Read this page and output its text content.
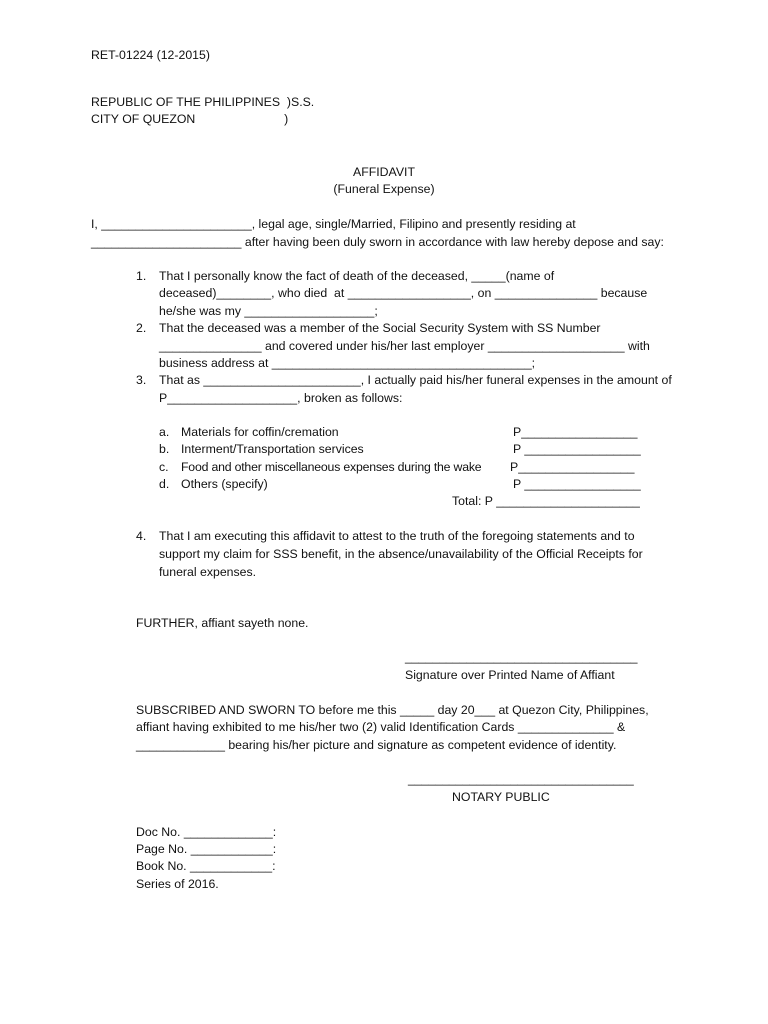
RET-01224 (12-2015)
REPUBLIC OF THE PHILIPPINES  )S.S.
CITY OF QUEZON                          )
AFFIDAVIT
(Funeral Expense)
I, ______________________, legal age, single/Married, Filipino and presently residing at
______________________ after having been duly sworn in accordance with law hereby depose and say:
1. That I personally know the fact of death of the deceased, _____(name of
deceased)________, who died  at __________________, on _______________ because
he/she was my ___________________;
2. That the deceased was a member of the Social Security System with SS Number
_______________ and covered under his/her last employer ____________________ with
business address at ______________________________________;
3. That as _______________________, I actually paid his/her funeral expenses in the amount of
P___________________, broken as follows:
a. Materials for coffin/cremation	P_________________
b. Interment/Transportation services	P _________________
c. Food and other miscellaneous expenses during the wake P_________________
d. Others (specify)	P _________________
Total: P _____________________
4. That I am executing this affidavit to attest to the truth of the foregoing statements and to
support my claim for SSS benefit, in the absence/unavailability of the Official Receipts for
funeral expenses.
FURTHER, affiant sayeth none.
__________________________________
Signature over Printed Name of Affiant
SUBSCRIBED AND SWORN TO before me this _____ day 20___ at Quezon City, Philippines,
affiant having exhibited to me his/her two (2) valid Identification Cards ______________ &
_____________ bearing his/her picture and signature as competent evidence of identity.
_________________________________
NOTARY PUBLIC
Doc No. _____________:
Page No. ____________:
Book No. ____________:
Series of 2016.
